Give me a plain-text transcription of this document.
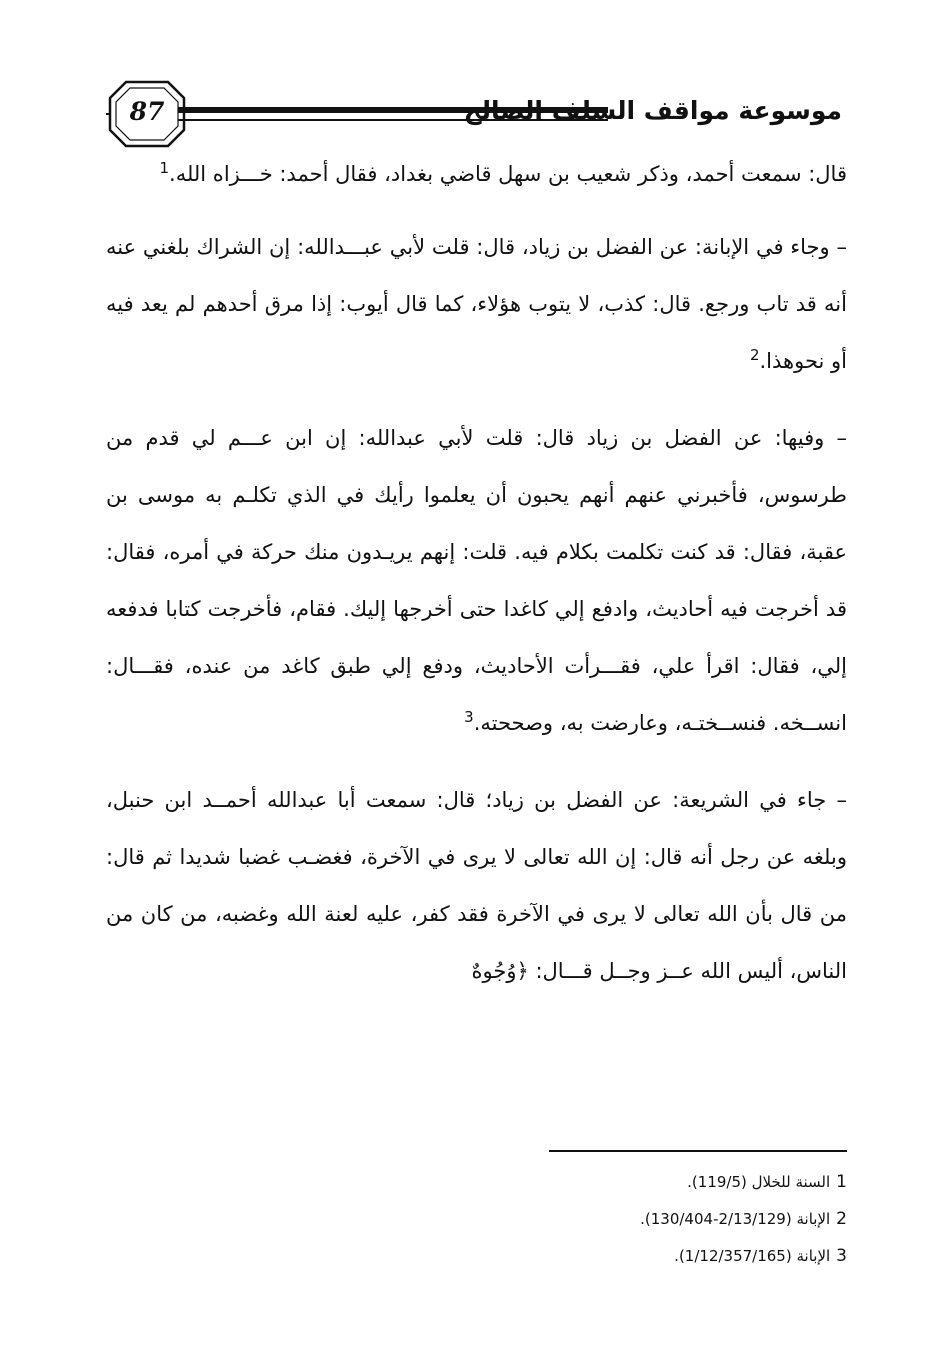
87	موسوعة مواقف السلف الصالح

قال: سمعت أحمد، وذكر شعيب بن سهل قاضي بغداد، فقال أحمد: خـــزاه الله.$^1$

– وجاء في الإبانة: عن الفضل بن زياد، قال: قلت لأبي عبـــدالله: إن الشراك بلغني عنه أنه قد تاب ورجع. قال: كذب، لا يتوب هؤلاء، كما قال أيوب: إذا مرق أحدهم لم يعد فيه أو نحوهذا.$^2$

– وفيها: عن الفضل بن زياد قال: قلت لأبي عبدالله: إن ابن عـــم لي قدم من طرسوس، فأخبرني عنهم أنهم يحبون أن يعلموا رأيك في الذي تكلـم به موسى بن عقبة، فقال: قد كنت تكلمت بكلام فيه. قلت: إنهم يريـدون منك حركة في أمره، فقال: قد أخرجت فيه أحاديث، وادفع إلي كاغدا حتى أخرجها إليك. فقام، فأخرجت كتابا فدفعه إلي، فقال: اقرأ علي، فقـــرأت الأحاديث، ودفع إلي طبق كاغد من عنده، فقـــال: انســخه. فنســختـه، وعارضت به، وصححته.$^3$

– جاء في الشريعة: عن الفضل بن زياد؛ قال: سمعت أبا عبدالله أحمــد ابن حنبل، وبلغه عن رجل أنه قال: إن الله تعالى لا يرى في الآخرة، فغضـب غضبا شديدا ثم قال: من قال بأن الله تعالى لا يرى في الآخرة فقد كفر، عليه لعنة الله وغضبه، من كان من الناس، أليس الله عــز وجــل قـــال: ﴿وُجُوهٌ

1السنة للخلال (119/5).
2الإبانة (2/13/129-130/404).
3الإبانة (1/12/357/165).
